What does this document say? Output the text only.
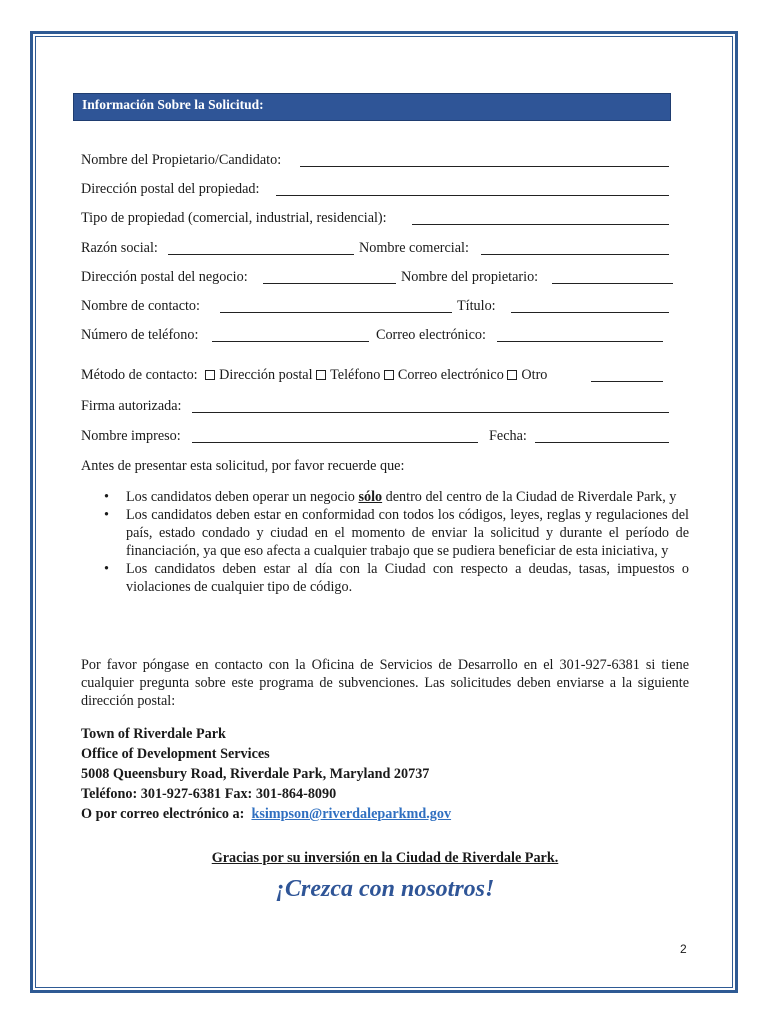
Información Sobre la Solicitud:
Nombre del Propietario/Candidato:
Dirección postal del propiedad:
Tipo de propiedad (comercial, industrial, residencial):
Razón social:	Nombre comercial:
Dirección postal del negocio:	Nombre del propietario:
Nombre de contacto:	Título:
Número de teléfono:	Correo electrónico:
Método de contacto: Dirección postal Teléfono Correo electrónico Otro
Firma autorizada:
Nombre impreso:	Fecha:
Antes de presentar esta solicitud, por favor recuerde que:
• Los candidatos deben operar un negocio sólo dentro del centro de la Ciudad de Riverdale Park, y
• Los candidatos deben estar en conformidad con todos los códigos, leyes, reglas y regulaciones del país, estado condado y ciudad en el momento de enviar la solicitud y durante el período de financiación, ya que eso afecta a cualquier trabajo que se pudiera beneficiar de esta iniciativa, y
• Los candidatos deben estar al día con la Ciudad con respecto a deudas, tasas, impuestos o violaciones de cualquier tipo de código.
Por favor póngase en contacto con la Oficina de Servicios de Desarrollo en el 301-927-6381 si tiene cualquier pregunta sobre este programa de subvenciones. Las solicitudes deben enviarse a la siguiente dirección postal:
Town of Riverdale Park
Office of Development Services
5008 Queensbury Road, Riverdale Park, Maryland 20737
Teléfono: 301-927-6381 Fax: 301-864-8090
O por correo electrónico a: ksimpson@riverdaleparkmd.gov
Gracias por su inversión en la Ciudad de Riverdale Park.
¡Crezca con nosotros!
2
